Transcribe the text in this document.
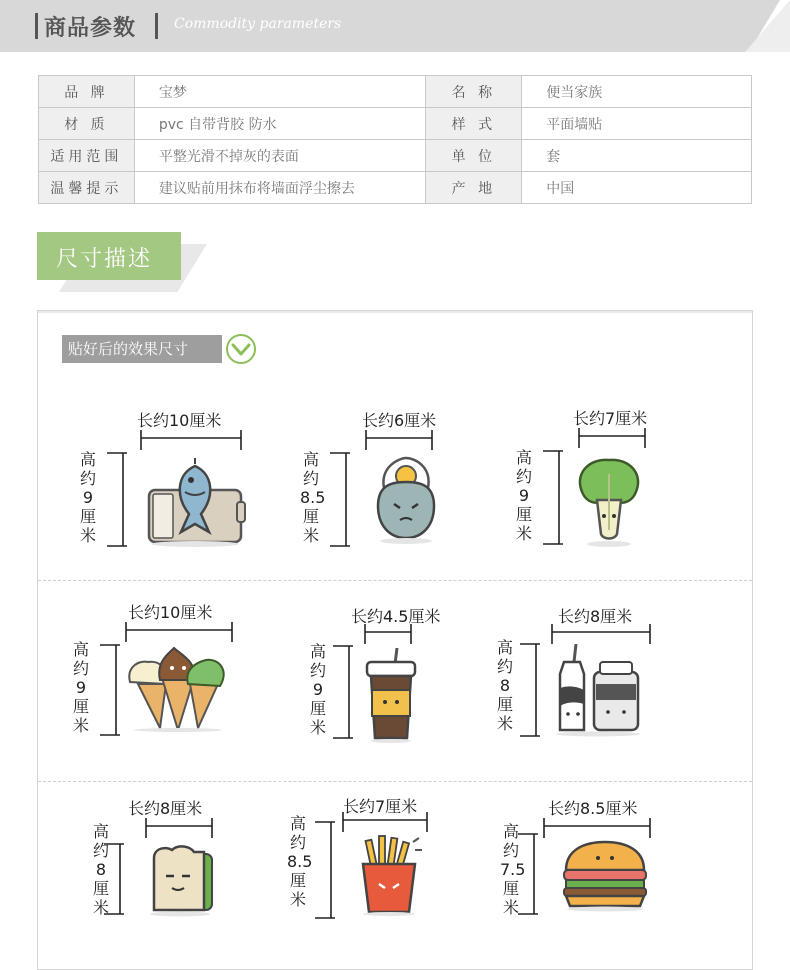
商品参数	Commodity parameters
品 牌	宝梦	名 称	便当家族
材 质	pvc 自带背胶 防水	样 式	平面墙贴
适用范围	平整光滑不掉灰的表面	单 位	套
温馨提示	建议贴前用抹布将墙面浮尘擦去	产 地	中国
尺寸描述
贴好后的效果尺寸
长约10厘米
高
约
9
厘
米
长约6厘米
高
约
8.5
厘
米
长约7厘米
高
约
9
厘
米
长约10厘米
高
约
9
厘
米
长约4.5厘米
高
约
9
厘
米
长约8厘米
高
约
8
厘
米
长约8厘米
高
约
8
厘
米
长约7厘米
高
约
8.5
厘
米
长约8.5厘米
高
约
7.5
厘
米
